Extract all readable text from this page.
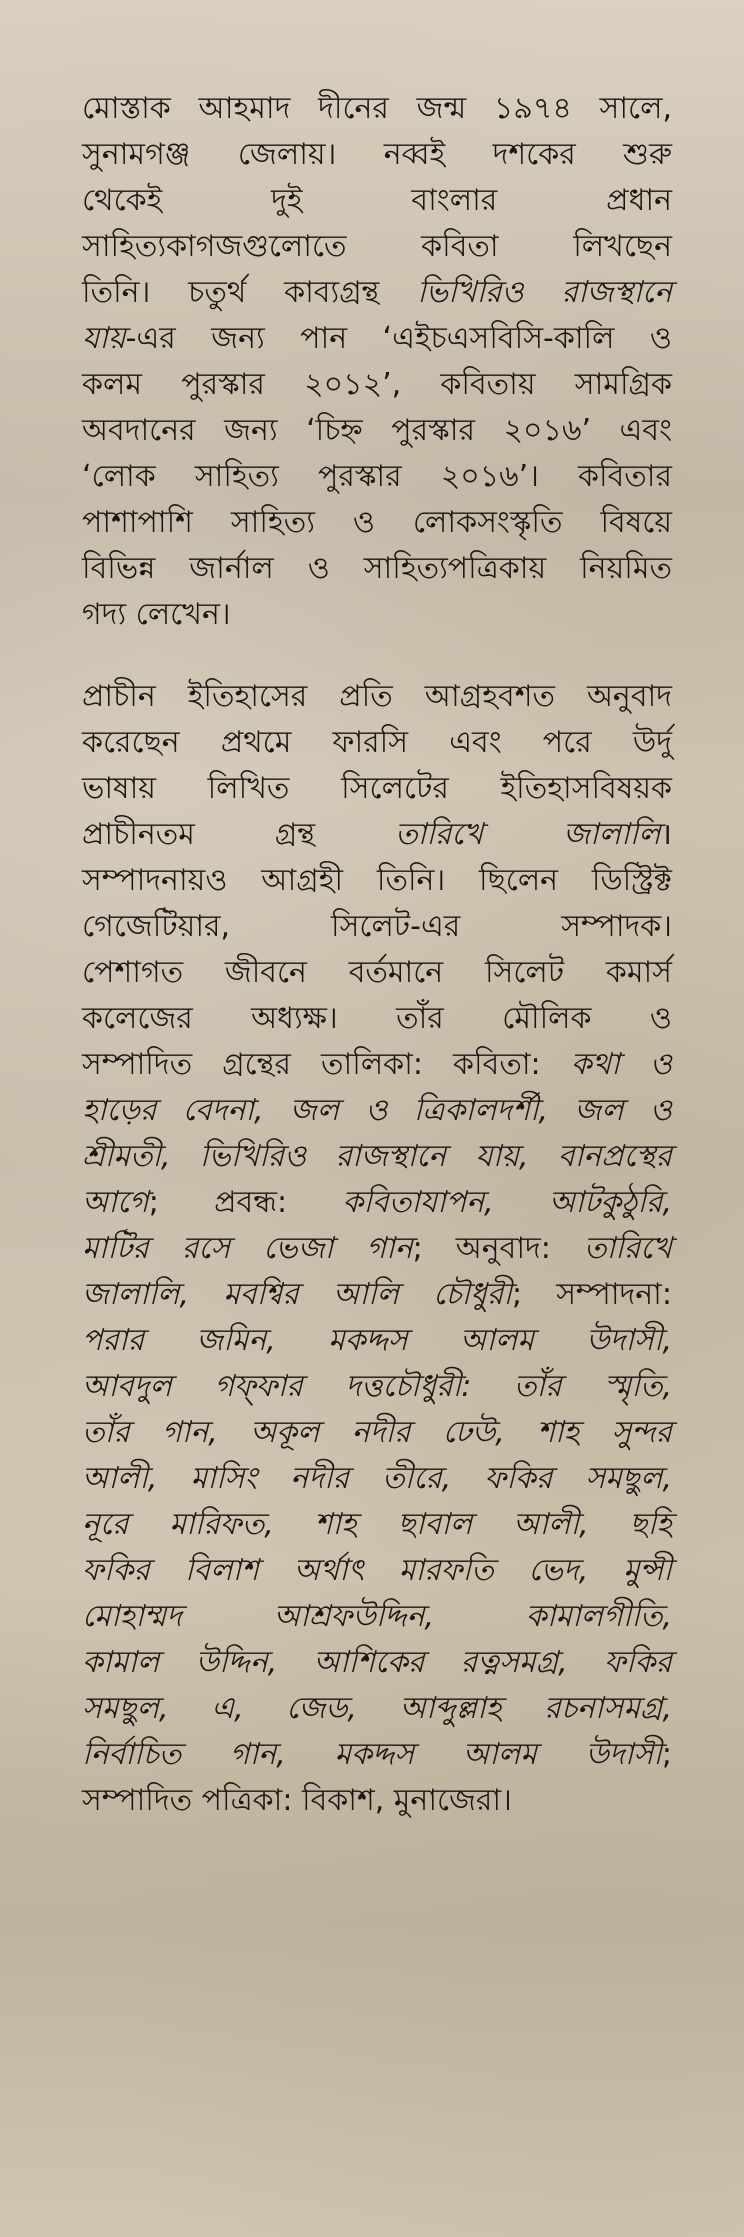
মোস্তাক আহমাদ দীনের জন্ম ১৯৭৪ সালে,
সুনামগঞ্জ জেলায়। নব্বই দশকের শুরু
থেকেই দুই বাংলার প্রধান
সাহিত্যকাগজগুলোতে কবিতা লিখছেন
তিনি। চতুর্থ কাব্যগ্রন্থ ভিখিরিও রাজস্থানে
যায়-এর জন্য পান ‘এইচএসবিসি-কালি ও
কলম পুরস্কার ২০১২’, কবিতায় সামগ্রিক
অবদানের জন্য ‘চিহ্ন পুরস্কার ২০১৬’ এবং
‘লোক সাহিত্য পুরস্কার ২০১৬’। কবিতার
পাশাপাশি সাহিত্য ও লোকসংস্কৃতি বিষয়ে
বিভিন্ন জার্নাল ও সাহিত্যপত্রিকায় নিয়মিত
গদ্য লেখেন।

প্রাচীন ইতিহাসের প্রতি আগ্রহবশত অনুবাদ
করেছেন প্রথমে ফারসি এবং পরে উর্দু
ভাষায় লিখিত সিলেটের ইতিহাসবিষয়ক
প্রাচীনতম গ্রন্থ তারিখে জালালি।
সম্পাদনায়ও আগ্রহী তিনি। ছিলেন ডিস্ট্রিক্ট
গেজেটিয়ার, সিলেট-এর সম্পাদক।
পেশাগত জীবনে বর্তমানে সিলেট কমার্স
কলেজের অধ্যক্ষ। তাঁর মৌলিক ও
সম্পাদিত গ্রন্থের তালিকা: কবিতা: কথা ও
হাড়ের বেদনা, জল ও ত্রিকালদর্শী, জল ও
শ্রীমতী, ভিখিরিও রাজস্থানে যায়, বানপ্রস্থের
আগে; প্রবন্ধ: কবিতাযাপন, আটকুঠুরি,
মাটির রসে ভেজা গান; অনুবাদ: তারিখে
জালালি, মবশ্বির আলি চৌধুরী; সম্পাদনা:
পরার জমিন, মকদ্দস আলম উদাসী,
আবদুল গফ্ফার দত্তচৌধুরী: তাঁর স্মৃতি,
তাঁর গান, অকূল নদীর ঢেউ, শাহ সুন্দর
আলী, মাসিং নদীর তীরে, ফকির সমছুল,
নূরে মারিফত, শাহ ছাবাল আলী, ছহি
ফকির বিলাশ অর্থাৎ মারফতি ভেদ, মুন্সী
মোহাম্মদ আশ্রফউদ্দিন, কামালগীতি,
কামাল উদ্দিন, আশিকের রত্নসমগ্র, ফকির
সমছুল, এ, জেড, আব্দুল্লাহ রচনাসমগ্র,
নির্বাচিত গান, মকদ্দস আলম উদাসী;
সম্পাদিত পত্রিকা: বিকাশ, মুনাজেরা।
